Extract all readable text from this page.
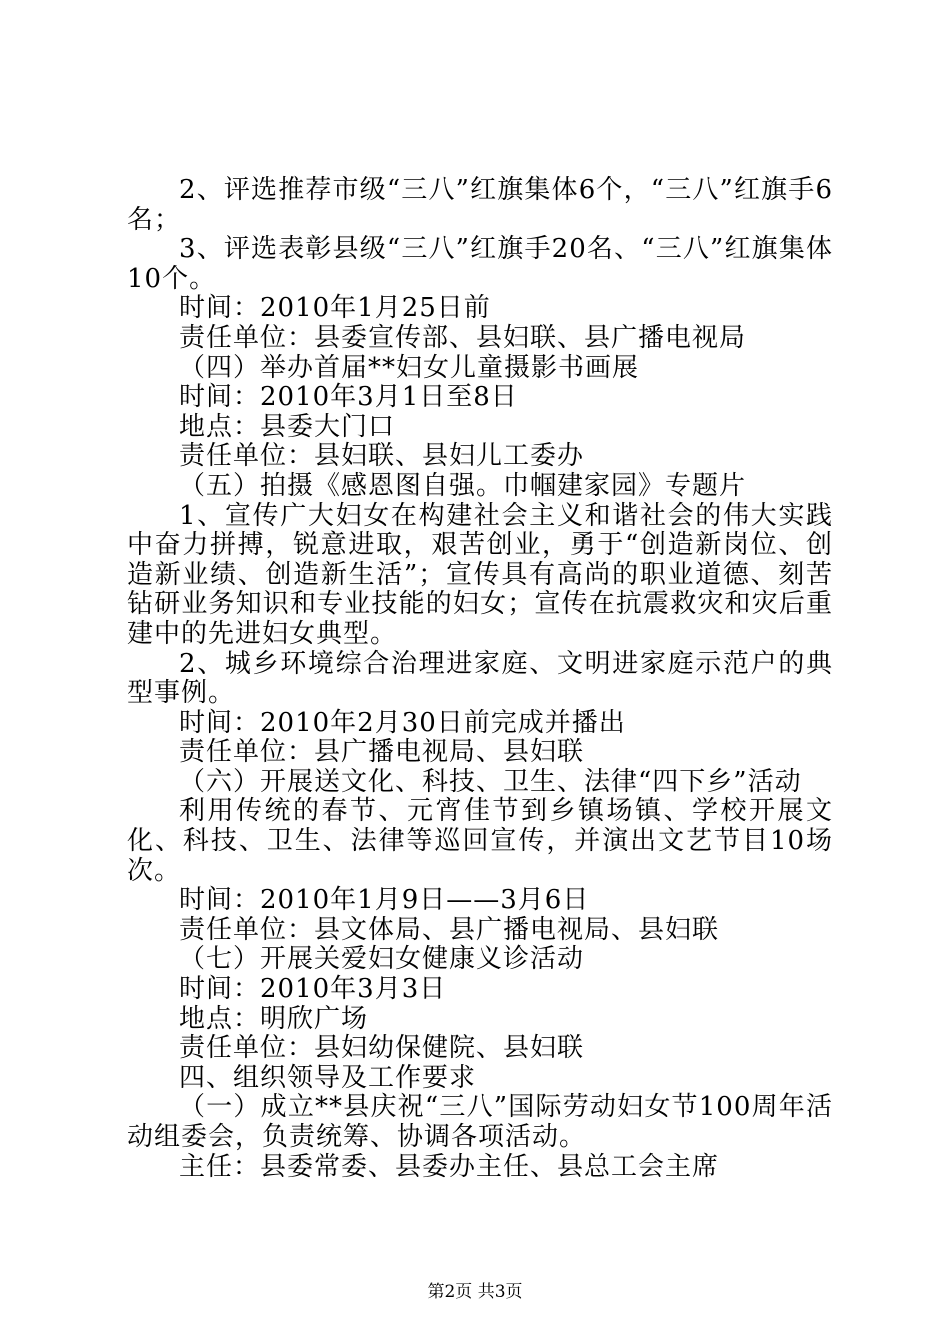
2、评选推荐市级“三八”红旗集体6个，“三八”红旗手6名；

3、评选表彰县级“三八”红旗手20名、“三八”红旗集体10个。

时间：2010年1月25日前

责任单位：县委宣传部、县妇联、县广播电视局

（四）举办首届**妇女儿童摄影书画展

时间：2010年3月1日至8日

地点：县委大门口

责任单位：县妇联、县妇儿工委办

（五）拍摄《感恩图自强。巾帼建家园》专题片

1、宣传广大妇女在构建社会主义和谐社会的伟大实践中奋力拼搏，锐意进取，艰苦创业，勇于“创造新岗位、创造新业绩、创造新生活”；宣传具有高尚的职业道德、刻苦钻研业务知识和专业技能的妇女；宣传在抗震救灾和灾后重建中的先进妇女典型。

2、城乡环境综合治理进家庭、文明进家庭示范户的典型事例。

时间：2010年2月30日前完成并播出

责任单位：县广播电视局、县妇联

（六）开展送文化、科技、卫生、法律“四下乡”活动

利用传统的春节、元宵佳节到乡镇场镇、学校开展文化、科技、卫生、法律等巡回宣传，并演出文艺节目10场次。

时间：2010年1月9日——3月6日

责任单位：县文体局、县广播电视局、县妇联

（七）开展关爱妇女健康义诊活动

时间：2010年3月3日

地点：明欣广场

责任单位：县妇幼保健院、县妇联

四、组织领导及工作要求

（一）成立**县庆祝“三八”国际劳动妇女节100周年活动组委会，负责统筹、协调各项活动。

主任：县委常委、县委办主任、县总工会主席

第2页 共3页
